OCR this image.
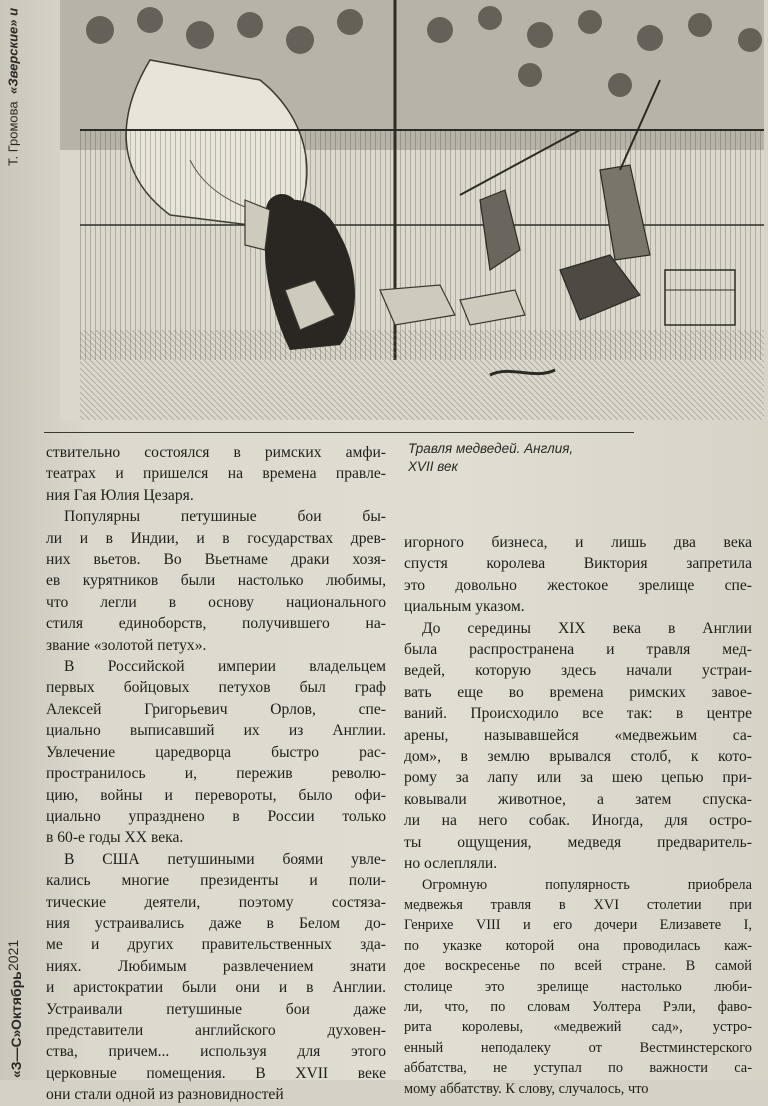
Т. Громова

«Зверские» и
Травля медведей. Англия,
XVII век

ствительно состоялся в римских амфи-
театрах и пришелся на времена правле-
ния Гая Юлия Цезаря.

Популярны петушиные бои бы-
ли и в Индии, и в государствах древ-
них вьетов. Во Вьетнаме драки хозя-
ев курятников были настолько любимы,
что легли в основу национального
стиля единоборств, получившего на-
звание «золотой петух».

В Российской империи владельцем
первых бойцовых петухов был граф
Алексей Григорьевич Орлов, спе-
циально выписавший их из Англии.
Увлечение царедворца быстро рас-
пространилось и, пережив револю-
цию, войны и перевороты, было офи-
циально упразднено в России только
в 60-е годы XX века.

В США петушиными боями увле-
кались многие президенты и поли-
тические деятели, поэтому состяза-
ния устраивались даже в Белом до-
ме и других правительственных зда-
ниях. Любимым развлечением знати
и аристократии были они и в Англии.
Устраивали петушиные бои даже
представители английского духовен-
ства, причем... используя для этого
церковные помещения. В XVII веке
они стали одной из разновидностей

игорного бизнеса, и лишь два века
спустя королева Виктория запретила
это довольно жестокое зрелище спе-
циальным указом.

До середины XIX века в Англии
была распространена и травля мед-
ведей, которую здесь начали устраи-
вать еще во времена римских завое-
ваний. Происходило все так: в центре
арены, называвшейся «медвежьим са-
дом», в землю врывался столб, к кото-
рому за лапу или за шею цепью при-
ковывали животное, а затем спуска-
ли на него собак. Иногда, для остро-
ты ощущения, медведя предваритель-
но ослепляли.

Огромную популярность приобрела
медвежья травля в XVI столетии при
Генрихе VIII и его дочери Елизавете I,
по указке которой она проводилась каж-
дое воскресенье по всей стране. В самой
столице это зрелище настолько люби-
ли, что, по словам Уолтера Рэли, фаво-
рита королевы, «медвежий сад», устро-
енный неподалеку от Вестминстерского
аббатства, не уступал по важности са-
мому аббатству. К слову, случалось, что

«З—С»
Октябрь
2021
